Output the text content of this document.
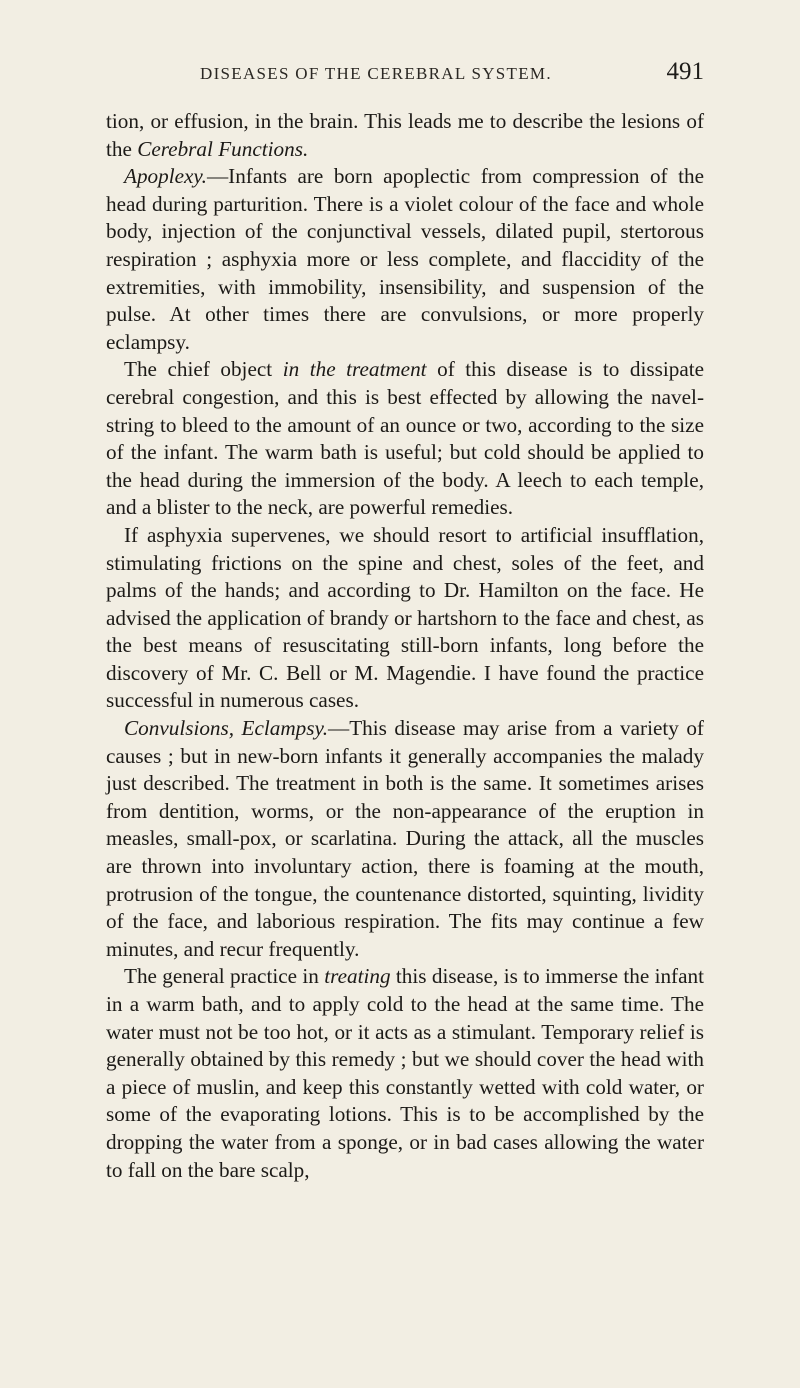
DISEASES OF THE CEREBRAL SYSTEM.	491

tion, or effusion, in the brain. This leads me to describe the lesions of the Cerebral Functions.

Apoplexy.—Infants are born apoplectic from compression of the head during parturition. There is a violet colour of the face and whole body, injection of the conjunctival vessels, dilated pupil, stertorous respiration ; asphyxia more or less complete, and flaccidity of the extremities, with immobility, insensibility, and suspension of the pulse. At other times there are convulsions, or more properly eclampsy.

The chief object in the treatment of this disease is to dissipate cerebral congestion, and this is best effected by allowing the navel-string to bleed to the amount of an ounce or two, according to the size of the infant. The warm bath is useful; but cold should be applied to the head during the immersion of the body. A leech to each temple, and a blister to the neck, are powerful remedies.

If asphyxia supervenes, we should resort to artificial insufflation, stimulating frictions on the spine and chest, soles of the feet, and palms of the hands; and according to Dr. Hamilton on the face. He advised the application of brandy or hartshorn to the face and chest, as the best means of resuscitating still-born infants, long before the discovery of Mr. C. Bell or M. Magendie. I have found the practice successful in numerous cases.

Convulsions, Eclampsy.—This disease may arise from a variety of causes ; but in new-born infants it generally accompanies the malady just described. The treatment in both is the same. It sometimes arises from dentition, worms, or the non-appearance of the eruption in measles, small-pox, or scarlatina. During the attack, all the muscles are thrown into involuntary action, there is foaming at the mouth, protrusion of the tongue, the countenance distorted, squinting, lividity of the face, and laborious respiration. The fits may continue a few minutes, and recur frequently.

The general practice in treating this disease, is to immerse the infant in a warm bath, and to apply cold to the head at the same time. The water must not be too hot, or it acts as a stimulant. Temporary relief is generally obtained by this remedy ; but we should cover the head with a piece of muslin, and keep this constantly wetted with cold water, or some of the evaporating lotions. This is to be accomplished by the dropping the water from a sponge, or in bad cases allowing the water to fall on the bare scalp,
